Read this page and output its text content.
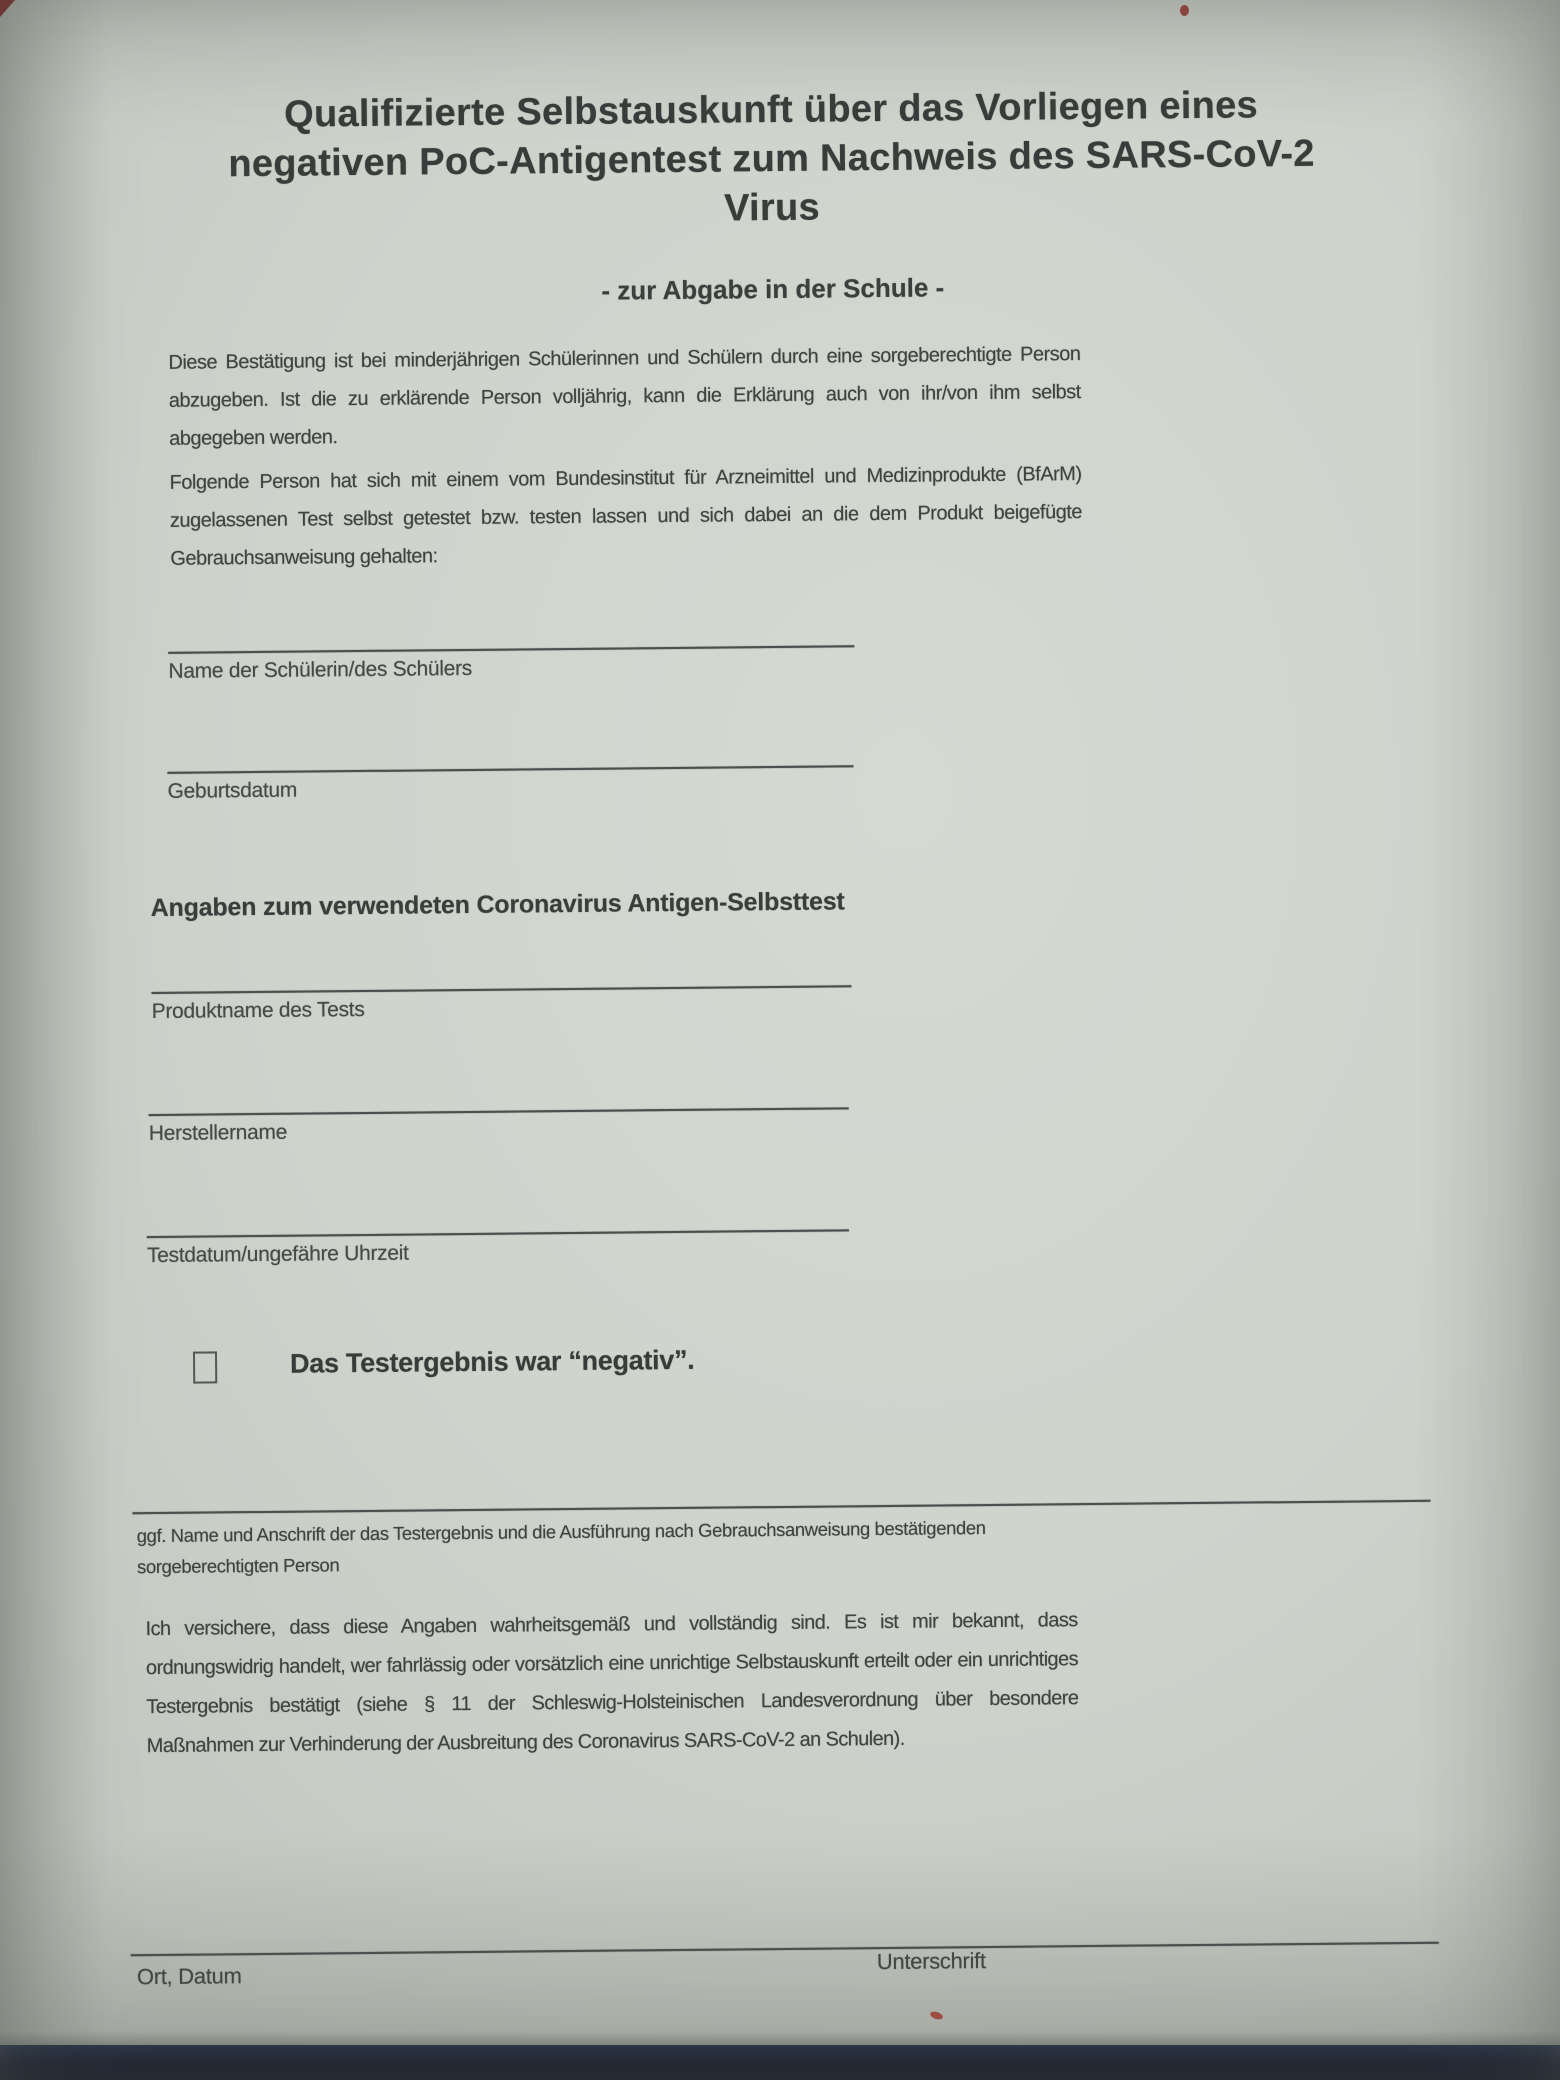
Qualifizierte Selbstauskunft über das Vorliegen eines
negativen PoC-Antigentest zum Nachweis des SARS-CoV-2
Virus
- zur Abgabe in der Schule -
Diese Bestätigung ist bei minderjährigen Schülerinnen und Schülern durch eine sorgeberechtigte Person abzugeben. Ist die zu erklärende Person volljährig, kann die Erklärung auch von ihr/von ihm selbst abgegeben werden.
Folgende Person hat sich mit einem vom Bundesinstitut für Arzneimittel und Medizinprodukte (BfArM) zugelassenen Test selbst getestet bzw. testen lassen und sich dabei an die dem Produkt beigefügte Gebrauchsanweisung gehalten:
Name der Schülerin/des Schülers
Geburtsdatum
Angaben zum verwendeten Coronavirus Antigen-Selbsttest
Produktname des Tests
Herstellername
Testdatum/ungefähre Uhrzeit
Das Testergebnis war “negativ”.
ggf. Name und Anschrift der das Testergebnis und die Ausführung nach Gebrauchsanweisung bestätigenden sorgeberechtigten Person
Ich versichere, dass diese Angaben wahrheitsgemäß und vollständig sind. Es ist mir bekannt, dass ordnungswidrig handelt, wer fahrlässig oder vorsätzlich eine unrichtige Selbstauskunft erteilt oder ein unrichtiges Testergebnis bestätigt (siehe § 11 der Schleswig-Holsteinischen Landesverordnung über besondere Maßnahmen zur Verhinderung der Ausbreitung des Coronavirus SARS-CoV-2 an Schulen).
Ort, Datum
Unterschrift
